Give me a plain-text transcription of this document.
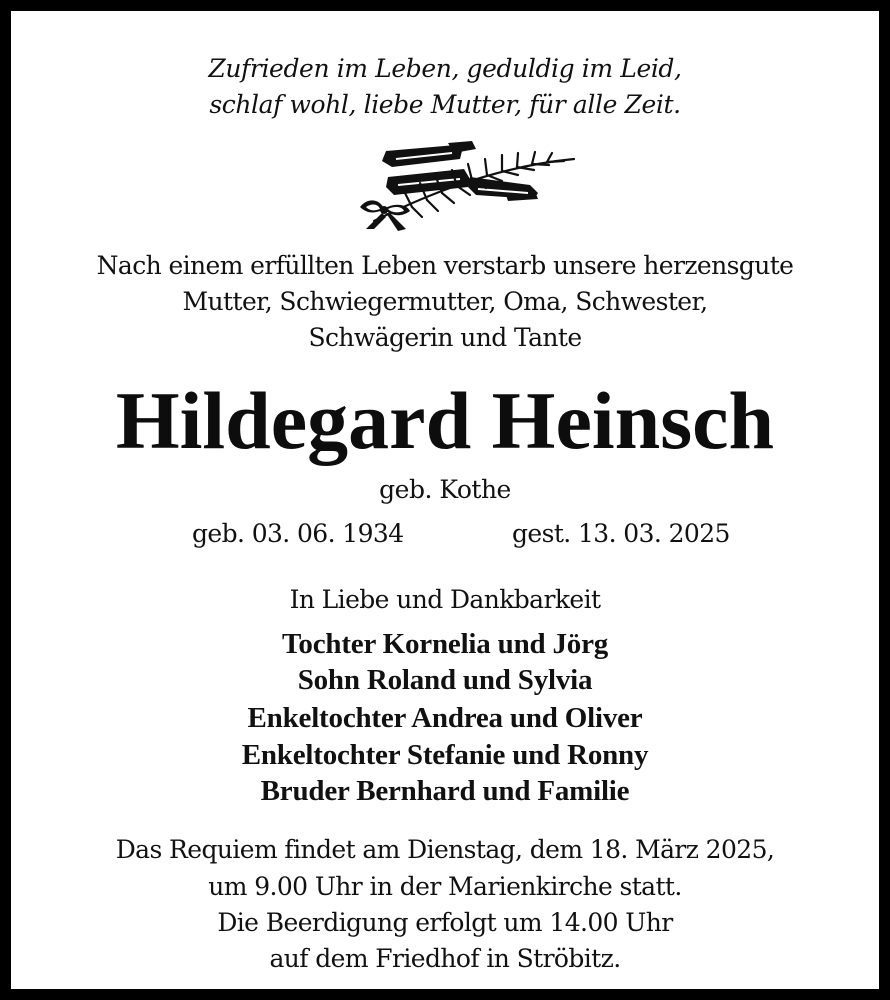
Zufrieden im Leben, geduldig im Leid,
schlaf wohl, liebe Mutter, für alle Zeit.
Nach einem erfüllten Leben verstarb unsere herzensgute
Mutter, Schwiegermutter, Oma, Schwester,
Schwägerin und Tante
Hildegard Heinsch
geb. Kothe
geb. 03. 06. 1934	gest. 13. 03. 2025
In Liebe und Dankbarkeit
Tochter Kornelia und Jörg
Sohn Roland und Sylvia
Enkeltochter Andrea und Oliver
Enkeltochter Stefanie und Ronny
Bruder Bernhard und Familie
Das Requiem findet am Dienstag, dem 18. März 2025,
um 9.00 Uhr in der Marienkirche statt.
Die Beerdigung erfolgt um 14.00 Uhr
auf dem Friedhof in Ströbitz.
